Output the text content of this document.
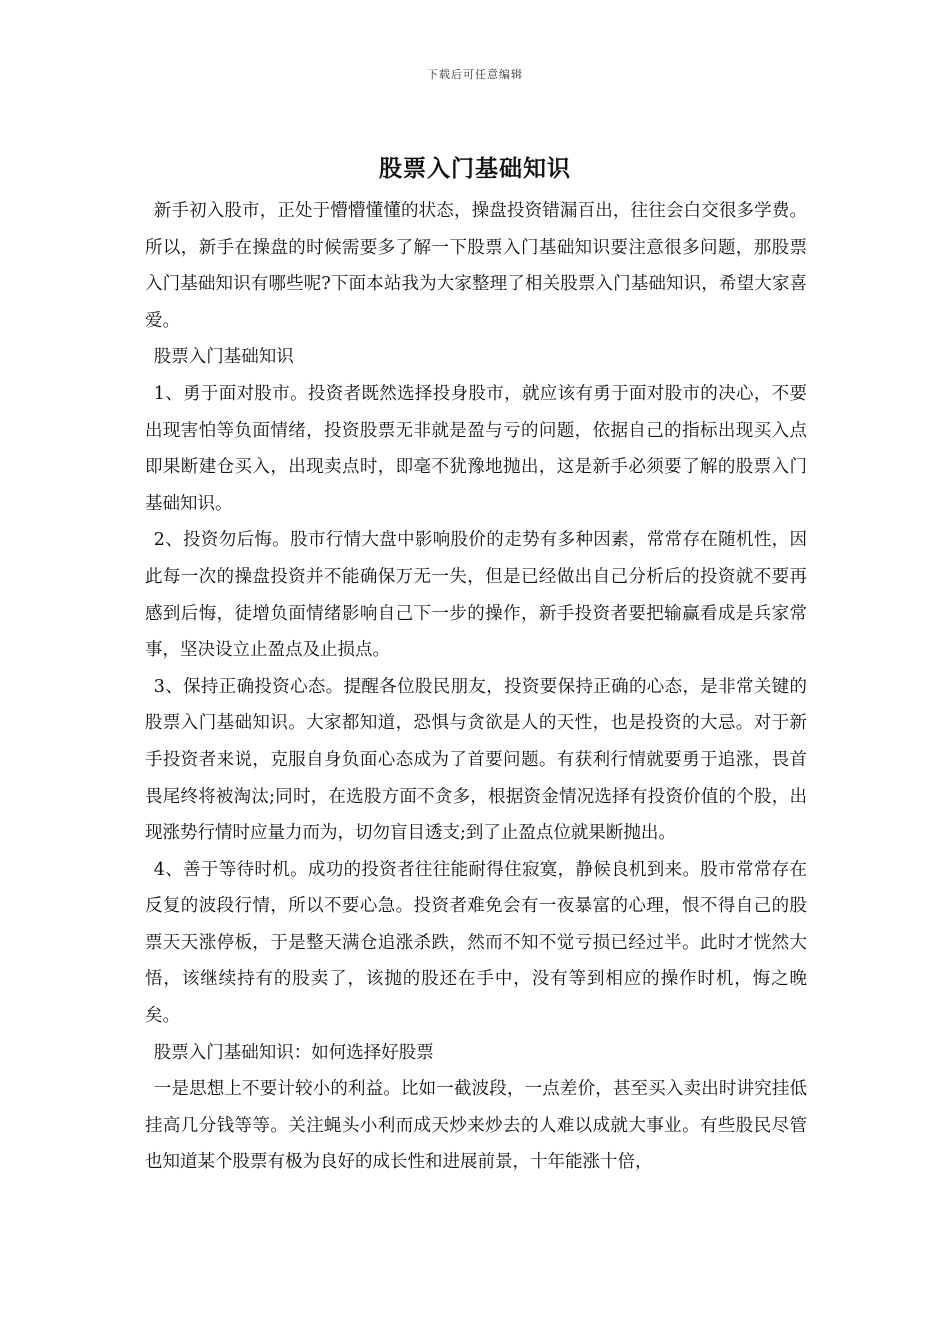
下载后可任意编辑
股票入门基础知识

新手初入股市，正处于懵懵懂懂的状态，操盘投资错漏百出，往往会白交很多学费。所以，新手在操盘的时候需要多了解一下股票入门基础知识要注意很多问题，那股票入门基础知识有哪些呢?下面本站我为大家整理了相关股票入门基础知识，希望大家喜爱。

股票入门基础知识

1、勇于面对股市。投资者既然选择投身股市，就应该有勇于面对股市的决心，不要出现害怕等负面情绪，投资股票无非就是盈与亏的问题，依据自己的指标出现买入点即果断建仓买入，出现卖点时，即毫不犹豫地抛出，这是新手必须要了解的股票入门基础知识。

2、投资勿后悔。股市行情大盘中影响股价的走势有多种因素，常常存在随机性，因此每一次的操盘投资并不能确保万无一失，但是已经做出自己分析后的投资就不要再感到后悔，徒增负面情绪影响自己下一步的操作，新手投资者要把输赢看成是兵家常事，坚决设立止盈点及止损点。

3、保持正确投资心态。提醒各位股民朋友，投资要保持正确的心态，是非常关键的股票入门基础知识。大家都知道，恐惧与贪欲是人的天性，也是投资的大忌。对于新手投资者来说，克服自身负面心态成为了首要问题。有获利行情就要勇于追涨，畏首畏尾终将被淘汰;同时，在选股方面不贪多，根据资金情况选择有投资价值的个股，出现涨势行情时应量力而为，切勿盲目透支;到了止盈点位就果断抛出。

4、善于等待时机。成功的投资者往往能耐得住寂寞，静候良机到来。股市常常存在反复的波段行情，所以不要心急。投资者难免会有一夜暴富的心理，恨不得自己的股票天天涨停板，于是整天满仓追涨杀跌，然而不知不觉亏损已经过半。此时才恍然大悟，该继续持有的股卖了，该抛的股还在手中，没有等到相应的操作时机，悔之晚矣。

股票入门基础知识：如何选择好股票

一是思想上不要计较小的利益。比如一截波段，一点差价，甚至买入卖出时讲究挂低挂高几分钱等等。关注蝇头小利而成天炒来炒去的人难以成就大事业。有些股民尽管也知道某个股票有极为良好的成长性和进展前景，十年能涨十倍，
